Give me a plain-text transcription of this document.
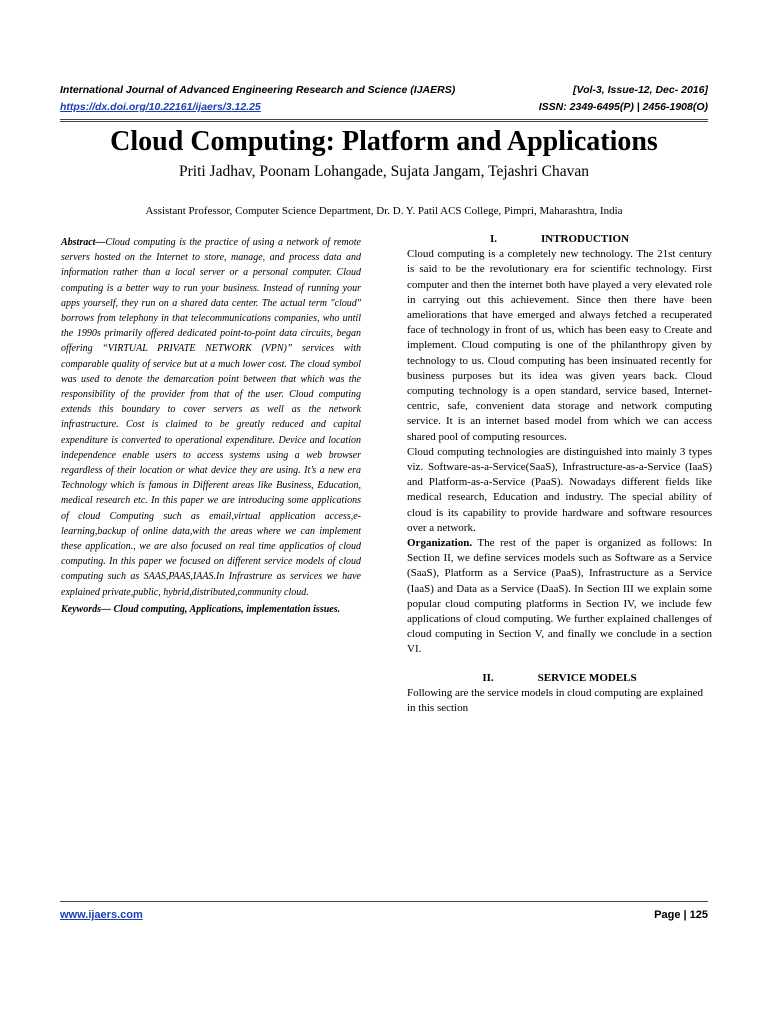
International Journal of Advanced Engineering Research and Science (IJAERS)	[Vol-3, Issue-12, Dec- 2016]
https://dx.doi.org/10.22161/ijaers/3.12.25	ISSN: 2349-6495(P) | 2456-1908(O)
Cloud Computing: Platform and Applications
Priti Jadhav, Poonam Lohangade, Sujata Jangam, Tejashri Chavan
Assistant Professor, Computer Science Department, Dr. D. Y. Patil ACS College, Pimpri, Maharashtra, India
Abstract—Cloud computing is the practice of using a network of remote servers hosted on the Internet to store, manage, and process data and information rather than a local server or a personal computer. Cloud computing is a better way to run your business. Instead of running your apps yourself, they run on a shared data center. The actual term "cloud" borrows from telephony in that telecommunications companies, who until the 1990s primarily offered dedicated point-to-point data circuits, began offering “VIRTUAL PRIVATE NETWORK (VPN)” services with comparable quality of service but at a much lower cost. The cloud symbol was used to denote the demarcation point between that which was the responsibility of the provider from that of the user. Cloud computing extends this boundary to cover servers as well as the network infrastructure. Cost is claimed to be greatly reduced and capital expenditure is converted to operational expenditure. Device and location independence enable users to access systems using a web browser regardless of their location or what device they are using. It’s a new era Technology which is famous in Different areas like Business, Education, medical research etc. In this paper we are introducing some applications of cloud Computing such as email,virtual application access,e-learning,backup of online data,with the areas where we can implement these application., we are also focused on real time applicatios of cloud computing. In this paper we focused on different service models of cloud computing such as SAAS,PAAS,IAAS.In Infrastrure as services we have explained private,public, hybrid,distributed,community cloud.
Keywords— Cloud computing, Applications, implementation issues.

I.	INTRODUCTION

Cloud computing is a completely new technology. The 21st century is said to be the revolutionary era for scientific technology. First computer and then the internet both have played a very elevated role in carrying out this achievement. Since then there have been ameliorations that have emerged and always fetched a recuperated face of technology in front of us, which has been easy to Create and implement. Cloud computing is one of the philanthropy given by technology to us. Cloud computing has been insinuated recently for business purposes but its idea was given years back. Cloud computing technology is a open standard, service based, Internet-centric, safe, convenient data storage and network computing service. It is an internet based model from which we can access shared pool of computing resources.

Cloud computing technologies are distinguished into mainly 3 types viz. Software-as-a-Service(SaaS), Infrastructure-as-a-Service (IaaS) and Platform-as-a-Service (PaaS). Nowadays different fields like medical research, Education and industry. The special ability of cloud is its capability to provide hardware and software resources over a network.

Organization. The rest of the paper is organized as follows: In Section II, we define services models such as Software as a Service (SaaS), Platform as a Service (PaaS), Infrastructure as a Service (IaaS) and Data as a Service (DaaS). In Section III we explain some popular cloud computing platforms in Section IV, we include few applications of cloud computing. We further explained challenges of cloud computing in Section V, and finally we conclude in a section VI.

II.	SERVICE MODELS

Following are the service models in cloud computing are explained in this section

www.ijaers.com	Page | 125
